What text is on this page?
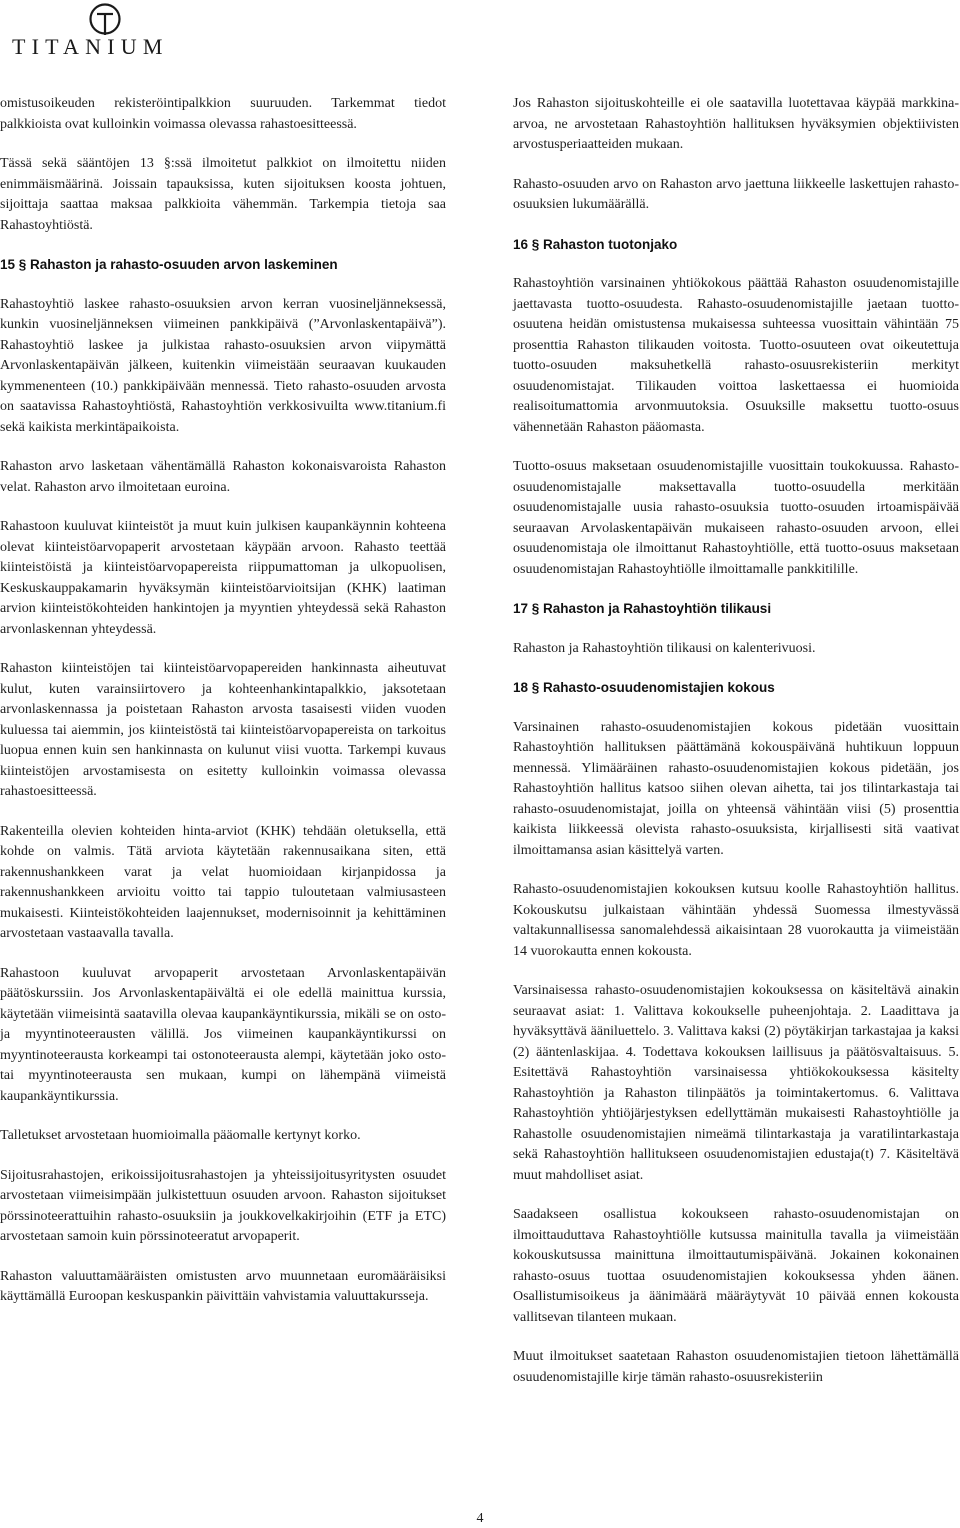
TITANIUM

omistusoikeuden rekisteröintipalkkion suuruuden. Tarkemmat tiedot palkkioista ovat kulloinkin voimassa olevassa rahastoesitteessä.

Tässä sekä sääntöjen 13 §:ssä ilmoitetut palkkiot on ilmoitettu niiden enimmäismäärinä. Joissain tapauksissa, kuten sijoituksen koosta johtuen, sijoittaja saattaa maksaa palkkioita vähemmän. Tarkempia tietoja saa Rahastoyhtiöstä.

15 § Rahaston ja rahasto-osuuden arvon laskeminen

Rahastoyhtiö laskee rahasto-osuuksien arvon kerran vuosineljänneksessä, kunkin vuosineljänneksen viimeinen pankkipäivä (”Arvonlaskentapäivä”). Rahastoyhtiö laskee ja julkistaa rahasto-osuuksien arvon viipymättä Arvonlaskentapäivän jälkeen, kuitenkin viimeistään seuraavan kuukauden kymmenenteen (10.) pankkipäivään mennessä. Tieto rahasto-osuuden arvosta on saatavissa Rahastoyhtiöstä, Rahastoyhtiön verkkosivuilta www.titanium.fi sekä kaikista merkintäpaikoista.

Rahaston arvo lasketaan vähentämällä Rahaston kokonaisvaroista Rahaston velat. Rahaston arvo ilmoitetaan euroina.

Rahastoon kuuluvat kiinteistöt ja muut kuin julkisen kaupankäynnin kohteena olevat kiinteistöarvopaperit arvostetaan käypään arvoon. Rahasto teettää kiinteistöistä ja kiinteistöarvopapereista riippumattoman ja ulkopuolisen, Keskuskauppakamarin hyväksymän kiinteistöarvioitsijan (KHK) laatiman arvion kiinteistökohteiden hankintojen ja myyntien yhteydessä sekä Rahaston arvonlaskennan yhteydessä.

Rahaston kiinteistöjen tai kiinteistöarvopapereiden hankinnasta aiheutuvat kulut, kuten varainsiirtovero ja kohteenhankintapalkkio, jaksotetaan arvonlaskennassa ja poistetaan Rahaston arvosta tasaisesti viiden vuoden kuluessa tai aiemmin, jos kiinteistöstä tai kiinteistöarvopapereista on tarkoitus luopua ennen kuin sen hankinnasta on kulunut viisi vuotta. Tarkempi kuvaus kiinteistöjen arvostamisesta on esitetty kulloinkin voimassa olevassa rahastoesitteessä.

Rakenteilla olevien kohteiden hinta-arviot (KHK) tehdään oletuksella, että kohde on valmis. Tätä arviota käytetään rakennusaikana siten, että rakennushankkeen varat ja velat huomioidaan kirjanpidossa ja rakennushankkeen arvioitu voitto tai tappio tuloutetaan valmiusasteen mukaisesti. Kiinteistökohteiden laajennukset, modernisoinnit ja kehittäminen arvostetaan vastaavalla tavalla.

Rahastoon kuuluvat arvopaperit arvostetaan Arvonlaskentapäivän päätöskurssiin. Jos Arvonlaskentapäivältä ei ole edellä mainittua kurssia, käytetään viimeisintä saatavilla olevaa kaupankäyntikurssia, mikäli se on osto- ja myyntinoteerausten välillä. Jos viimeinen kaupankäyntikurssi on myyntinoteerausta korkeampi tai ostonoteerausta alempi, käytetään joko osto- tai myyntinoteerausta sen mukaan, kumpi on lähempänä viimeistä kaupankäyntikurssia.

Talletukset arvostetaan huomioimalla pääomalle kertynyt korko.

Sijoitusrahastojen, erikoissijoitusrahastojen ja yhteissijoitusyritysten osuudet arvostetaan viimeisimpään julkistettuun osuuden arvoon. Rahaston sijoitukset pörssinoteerattuihin rahasto-osuuksiin ja joukkovelkakirjoihin (ETF ja ETC) arvostetaan samoin kuin pörssinoteeratut arvopaperit.

Rahaston valuuttamääräisten omistusten arvo muunnetaan euromääräisiksi käyttämällä Euroopan keskuspankin päivittäin vahvistamia valuuttakursseja.

Jos Rahaston sijoituskohteille ei ole saatavilla luotettavaa käypää markkina-arvoa, ne arvostetaan Rahastoyhtiön hallituksen hyväksymien objektiivisten arvostusperiaatteiden mukaan.

Rahasto-osuuden arvo on Rahaston arvo jaettuna liikkeelle laskettujen rahasto-osuuksien lukumäärällä.

16 § Rahaston tuotonjako

Rahastoyhtiön varsinainen yhtiökokous päättää Rahaston osuudenomistajille jaettavasta tuotto-osuudesta. Rahasto-osuudenomistajille jaetaan tuotto-osuutena heidän omistustensa mukaisessa suhteessa vuosittain vähintään 75 prosenttia Rahaston tilikauden voitosta. Tuotto-osuuteen ovat oikeutettuja tuotto-osuuden maksuhetkellä rahasto-osuusrekisteriin merkityt osuudenomistajat. Tilikauden voittoa laskettaessa ei huomioida realisoitumattomia arvonmuutoksia. Osuuksille maksettu tuotto-osuus vähennetään Rahaston pääomasta.

Tuotto-osuus maksetaan osuudenomistajille vuosittain toukokuussa. Rahasto-osuudenomistajalle maksettavalla tuotto-osuudella merkitään osuudenomistajalle uusia rahasto-osuuksia tuotto-osuuden irtoamispäivää seuraavan Arvolaskentapäivän mukaiseen rahasto-osuuden arvoon, ellei osuudenomistaja ole ilmoittanut Rahastoyhtiölle, että tuotto-osuus maksetaan osuudenomistajan Rahastoyhtiölle ilmoittamalle pankkitilille.

17 § Rahaston ja Rahastoyhtiön tilikausi

Rahaston ja Rahastoyhtiön tilikausi on kalenterivuosi.

18 § Rahasto-osuudenomistajien kokous

Varsinainen rahasto-osuudenomistajien kokous pidetään vuosittain Rahastoyhtiön hallituksen päättämänä kokouspäivänä huhtikuun loppuun mennessä. Ylimääräinen rahasto-osuudenomistajien kokous pidetään, jos Rahastoyhtiön hallitus katsoo siihen olevan aihetta, tai jos tilintarkastaja tai rahasto-osuudenomistajat, joilla on yhteensä vähintään viisi (5) prosenttia kaikista liikkeessä olevista rahasto-osuuksista, kirjallisesti sitä vaativat ilmoittamansa asian käsittelyä varten.

Rahasto-osuudenomistajien kokouksen kutsuu koolle Rahastoyhtiön hallitus. Kokouskutsu julkaistaan vähintään yhdessä Suomessa ilmestyvässä valtakunnallisessa sanomalehdessä aikaisintaan 28 vuorokautta ja viimeistään 14 vuorokautta ennen kokousta.

Varsinaisessa rahasto-osuudenomistajien kokouksessa on käsiteltävä ainakin seuraavat asiat: 1. Valittava kokoukselle puheenjohtaja. 2. Laadittava ja hyväksyttävä ääniluettelo. 3. Valittava kaksi (2) pöytäkirjan tarkastajaa ja kaksi (2) ääntenlaskijaa. 4. Todettava kokouksen laillisuus ja päätösvaltaisuus. 5. Esitettävä Rahastoyhtiön varsinaisessa yhtiökokouksessa käsitelty Rahastoyhtiön ja Rahaston tilinpäätös ja toimintakertomus. 6. Valittava Rahastoyhtiön yhtiöjärjestyksen edellyttämän mukaisesti Rahastoyhtiölle ja Rahastolle osuudenomistajien nimeämä tilintarkastaja ja varatilintarkastaja sekä Rahastoyhtiön hallitukseen osuudenomistajien edustaja(t) 7. Käsiteltävä muut mahdolliset asiat.

Saadakseen osallistua kokoukseen rahasto-osuudenomistajan on ilmoittauduttava Rahastoyhtiölle kutsussa mainitulla tavalla ja viimeistään kokouskutsussa mainittuna ilmoittautumispäivänä. Jokainen kokonainen rahasto-osuus tuottaa osuudenomistajien kokouksessa yhden äänen. Osallistumisoikeus ja äänimäärä määräytyvät 10 päivää ennen kokousta vallitsevan tilanteen mukaan.

Muut ilmoitukset saatetaan Rahaston osuudenomistajien tietoon lähettämällä osuudenomistajille kirje tämän rahasto-osuusrekisteriin

4
